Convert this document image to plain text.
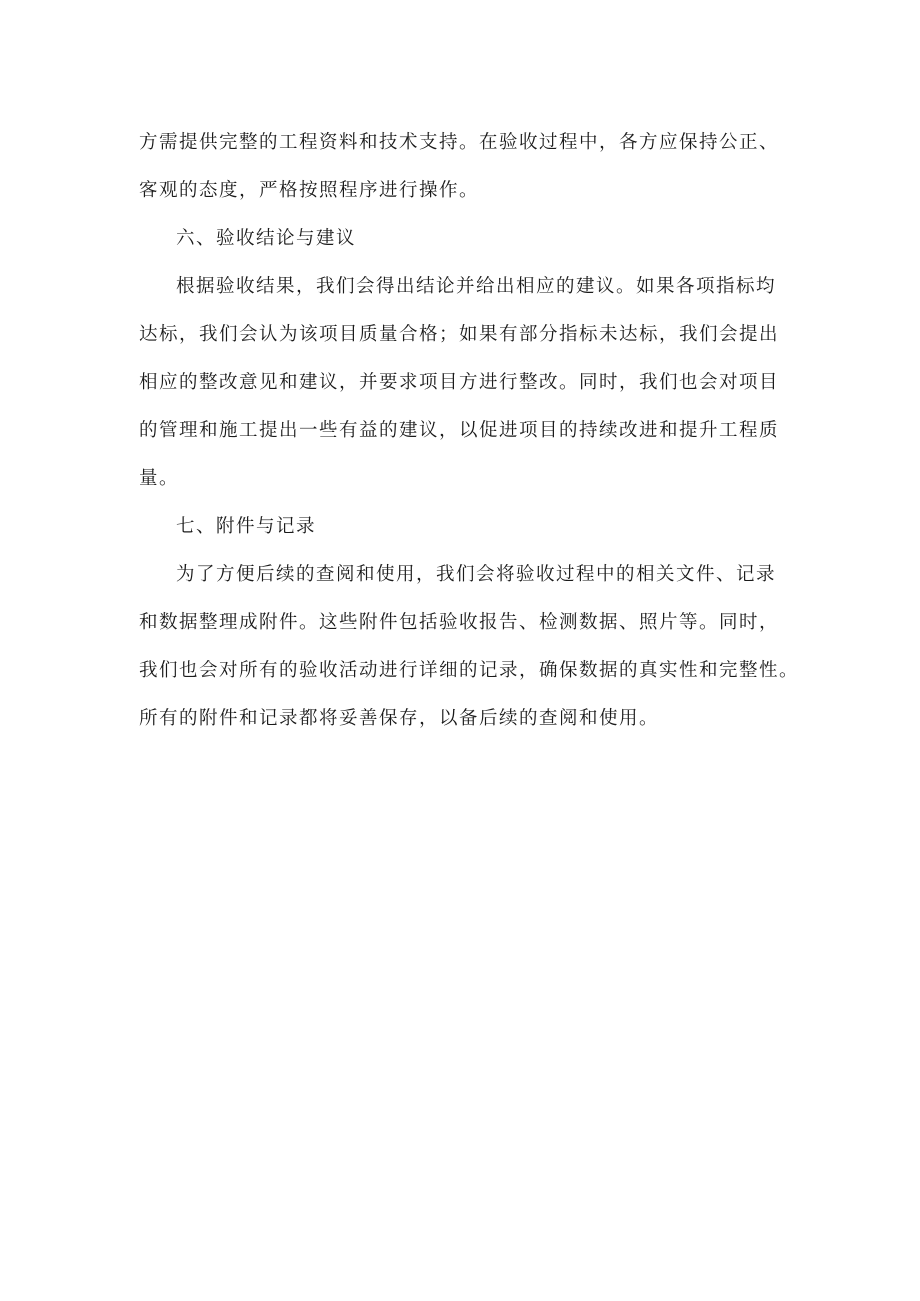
方需提供完整的工程资料和技术支持。在验收过程中，各方应保持公正、
客观的态度，严格按照程序进行操作。
六、验收结论与建议
根据验收结果，我们会得出结论并给出相应的建议。如果各项指标均
达标，我们会认为该项目质量合格；如果有部分指标未达标，我们会提出
相应的整改意见和建议，并要求项目方进行整改。同时，我们也会对项目
的管理和施工提出一些有益的建议，以促进项目的持续改进和提升工程质
量。
七、附件与记录
为了方便后续的查阅和使用，我们会将验收过程中的相关文件、记录
和数据整理成附件。这些附件包括验收报告、检测数据、照片等。同时，
我们也会对所有的验收活动进行详细的记录，确保数据的真实性和完整性。
所有的附件和记录都将妥善保存，以备后续的查阅和使用。
